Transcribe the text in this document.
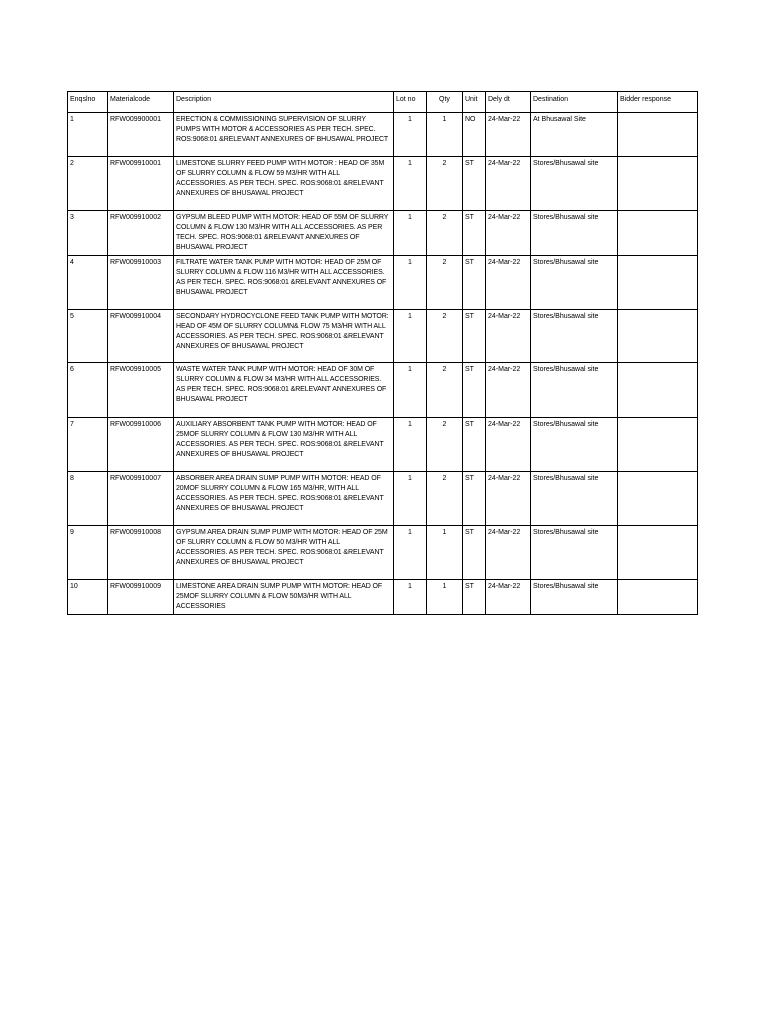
Enqslno	Materialcode	Description	Lot no	Qty	Unit	Dely dt	Destination	Bidder response
1	RFW009900001	ERECTION & COMMISSIONING SUPERVISION OF SLURRY PUMPS WITH MOTOR & ACCESSORIES AS PER TECH. SPEC. ROS:9068:01 &RELEVANT ANNEXURES OF BHUSAWAL PROJECT	1	1	NO	24-Mar-22	At Bhusawal Site	
2	RFW009910001	LIMESTONE SLURRY FEED PUMP WITH MOTOR : HEAD OF 35M OF SLURRY COLUMN & FLOW 59 M3/HR WITH ALL ACCESSORIES. AS PER TECH. SPEC. ROS:9068:01 &RELEVANT ANNEXURES OF BHUSAWAL PROJECT	1	2	ST	24-Mar-22	Stores/Bhusawal site	
3	RFW009910002	GYPSUM BLEED PUMP WITH MOTOR: HEAD OF 55M OF SLURRY COLUMN & FLOW 130 M3/HR WITH ALL ACCESSORIES. AS PER TECH. SPEC. ROS:9068:01 &RELEVANT ANNEXURES OF BHUSAWAL PROJECT	1	2	ST	24-Mar-22	Stores/Bhusawal site	
4	RFW009910003	FILTRATE WATER TANK PUMP WITH MOTOR: HEAD OF 25M OF SLURRY COLUMN & FLOW 116 M3/HR WITH ALL ACCESSORIES. AS PER TECH. SPEC. ROS:9068:01 &RELEVANT ANNEXURES OF BHUSAWAL PROJECT	1	2	ST	24-Mar-22	Stores/Bhusawal site	
5	RFW009910004	SECONDARY HYDROCYCLONE FEED TANK PUMP WITH MOTOR: HEAD OF 45M OF SLURRY COLUMN& FLOW 75 M3/HR WITH ALL ACCESSORIES. AS PER TECH. SPEC. ROS:9068:01 &RELEVANT ANNEXURES OF BHUSAWAL PROJECT	1	2	ST	24-Mar-22	Stores/Bhusawal site	
6	RFW009910005	WASTE WATER TANK PUMP WITH MOTOR: HEAD OF 30M OF SLURRY COLUMN & FLOW 34 M3/HR WITH ALL ACCESSORIES. AS PER TECH. SPEC. ROS:9068:01 &RELEVANT ANNEXURES OF BHUSAWAL PROJECT	1	2	ST	24-Mar-22	Stores/Bhusawal site	
7	RFW009910006	AUXILIARY ABSORBENT TANK PUMP WITH MOTOR: HEAD OF 25MOF SLURRY COLUMN & FLOW 130 M3/HR WITH ALL ACCESSORIES. AS PER TECH. SPEC. ROS:9068:01 &RELEVANT ANNEXURES OF BHUSAWAL PROJECT	1	2	ST	24-Mar-22	Stores/Bhusawal site	
8	RFW009910007	ABSORBER AREA DRAIN SUMP PUMP WITH MOTOR: HEAD OF 20MOF SLURRY COLUMN & FLOW 165 M3/HR, WITH ALL ACCESSORIES. AS PER TECH. SPEC. ROS:9068:01 &RELEVANT ANNEXURES OF BHUSAWAL PROJECT	1	2	ST	24-Mar-22	Stores/Bhusawal site	
9	RFW009910008	GYPSUM AREA DRAIN SUMP PUMP WITH MOTOR: HEAD OF 25M OF SLURRY COLUMN & FLOW 50 M3/HR WITH ALL ACCESSORIES. AS PER TECH. SPEC. ROS:9068:01 &RELEVANT ANNEXURES OF BHUSAWAL PROJECT	1	1	ST	24-Mar-22	Stores/Bhusawal site	
10	RFW009910009	LIMESTONE AREA DRAIN SUMP PUMP WITH MOTOR: HEAD OF 25MOF SLURRY COLUMN & FLOW 50M3/HR WITH ALL ACCESSORIES	1	1	ST	24-Mar-22	Stores/Bhusawal site	
